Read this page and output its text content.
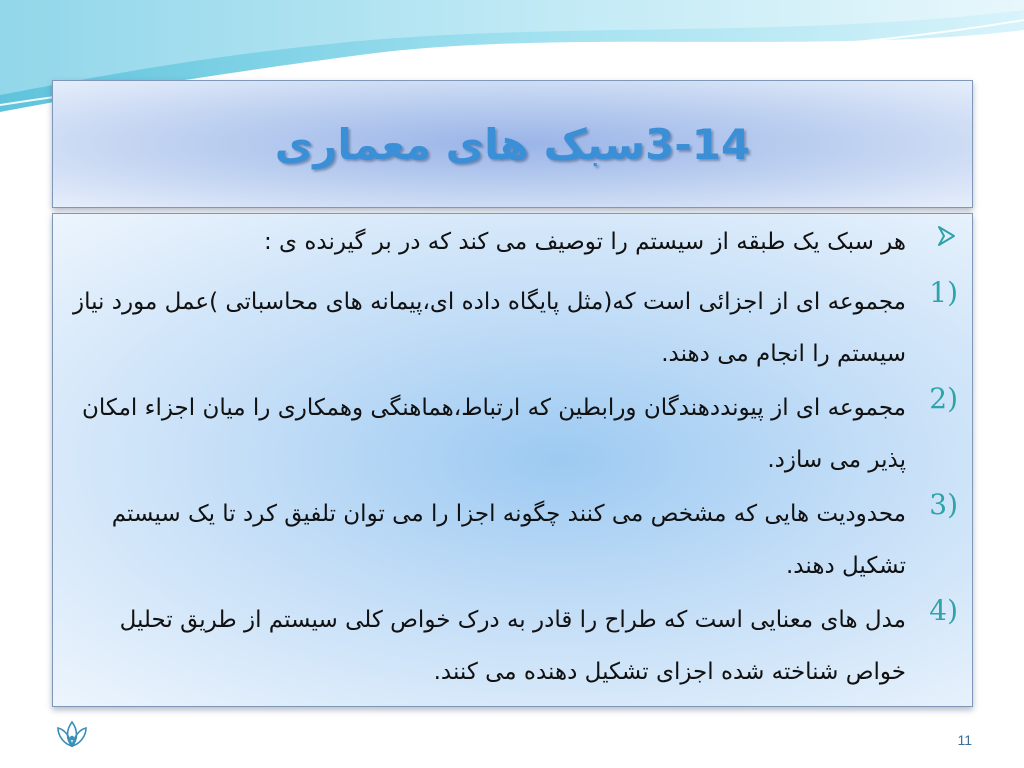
3-14سبک های معماری
هر سبک یک طبقه از سیستم را توصیف می کند که در بر گیرنده ی :
1)
مجموعه ای از اجزائی است که(مثل پایگاه داده ای،پیمانه های محاسباتی )عمل مورد نیاز سیستم را انجام می دهند.
2)
مجموعه ای از پیونددهندگان ورابطین که ارتباط،هماهنگی وهمکاری را میان اجزاء امکان پذیر می سازد.
3)
محدودیت هایی که مشخص می کنند چگونه اجزا را می توان تلفیق کرد تا یک سیستم تشکیل دهند.
4)
مدل های معنایی است که طراح را قادر به درک خواص کلی سیستم از طریق تحلیل خواص شناخته شده اجزای تشکیل دهنده می کنند.
11
